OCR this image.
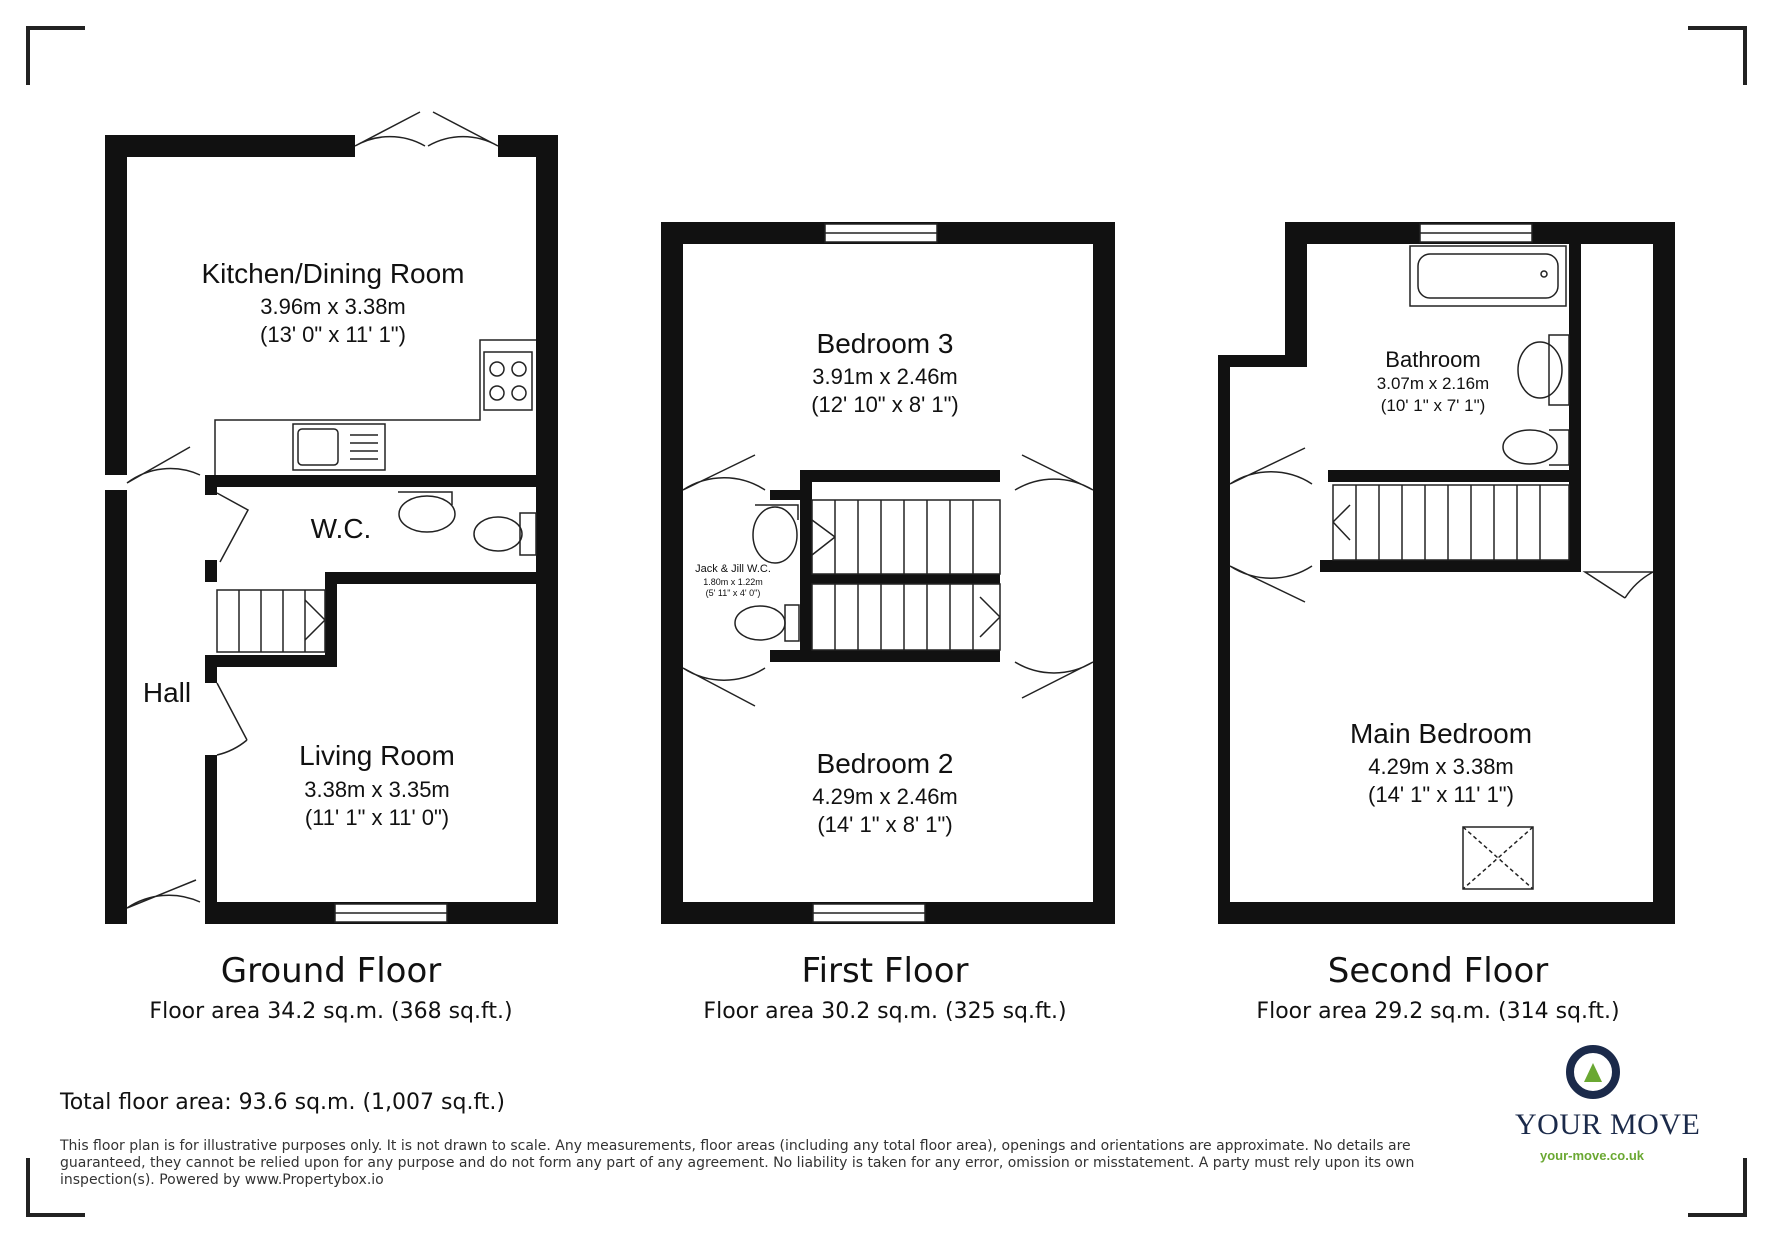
Kitchen/Dining Room
3.96m x 3.38m
(13' 0" x 11' 1")
W.C.
Hall
Living Room
3.38m x 3.35m
(11' 1" x 11' 0")
Bedroom 3
3.91m x 2.46m
(12' 10" x 8' 1")
Jack & Jill W.C.
1.80m x 1.22m
(5' 11" x 4' 0")
Bedroom 2
4.29m x 2.46m
(14' 1" x 8' 1")
Bathroom
3.07m x 2.16m
(10' 1" x 7' 1")
Main Bedroom
4.29m x 3.38m
(14' 1" x 11' 1")
Ground Floor
Floor area 34.2 sq.m. (368 sq.ft.)
First Floor
Floor area 30.2 sq.m. (325 sq.ft.)
Second Floor
Floor area 29.2 sq.m. (314 sq.ft.)
Total floor area: 93.6 sq.m. (1,007 sq.ft.)
This floor plan is for illustrative purposes only. It is not drawn to scale. Any measurements, floor areas (including any total floor area), openings and orientations are approximate. No details are guaranteed, they cannot be relied upon for any purpose and do not form any part of any agreement. No liability is taken for any error, omission or misstatement. A party must rely upon its own inspection(s). Powered by www.Propertybox.io
YOUR MOVE
your-move.co.uk
